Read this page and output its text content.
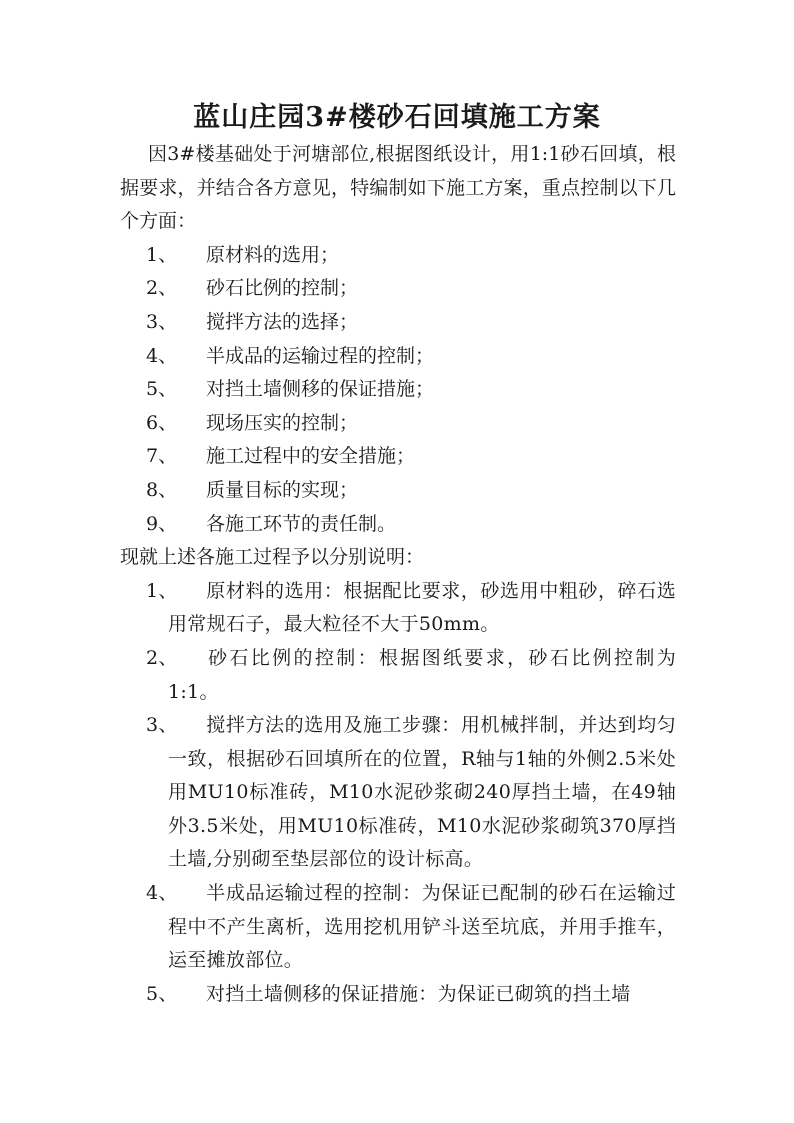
蓝山庄园3#楼砂石回填施工方案

因3#楼基础处于河塘部位,根据图纸设计，用1:1砂石回填，根据要求，并结合各方意见，特编制如下施工方案，重点控制以下几个方面：

1、	原材料的选用；
2、	砂石比例的控制；
3、	搅拌方法的选择；
4、	半成品的运输过程的控制；
5、	对挡土墙侧移的保证措施；
6、	现场压实的控制；
7、	施工过程中的安全措施；
8、	质量目标的实现；
9、	各施工环节的责任制。

现就上述各施工过程予以分别说明：

1、 原材料的选用：根据配比要求，砂选用中粗砂，碎石选用常规石子，最大粒径不大于50mm。

2、 砂石比例的控制：根据图纸要求，砂石比例控制为1:1。

3、 搅拌方法的选用及施工步骤：用机械拌制，并达到均匀一致，根据砂石回填所在的位置，R轴与1轴的外侧2.5米处用MU10标准砖，M10水泥砂浆砌240厚挡土墙，在49轴外3.5米处，用MU10标准砖，M10水泥砂浆砌筑370厚挡土墙,分别砌至垫层部位的设计标高。

4、 半成品运输过程的控制：为保证已配制的砂石在运输过程中不产生离析，选用挖机用铲斗送至坑底，并用手推车，运至摊放部位。

5、 对挡土墙侧移的保证措施：为保证已砌筑的挡土墙
